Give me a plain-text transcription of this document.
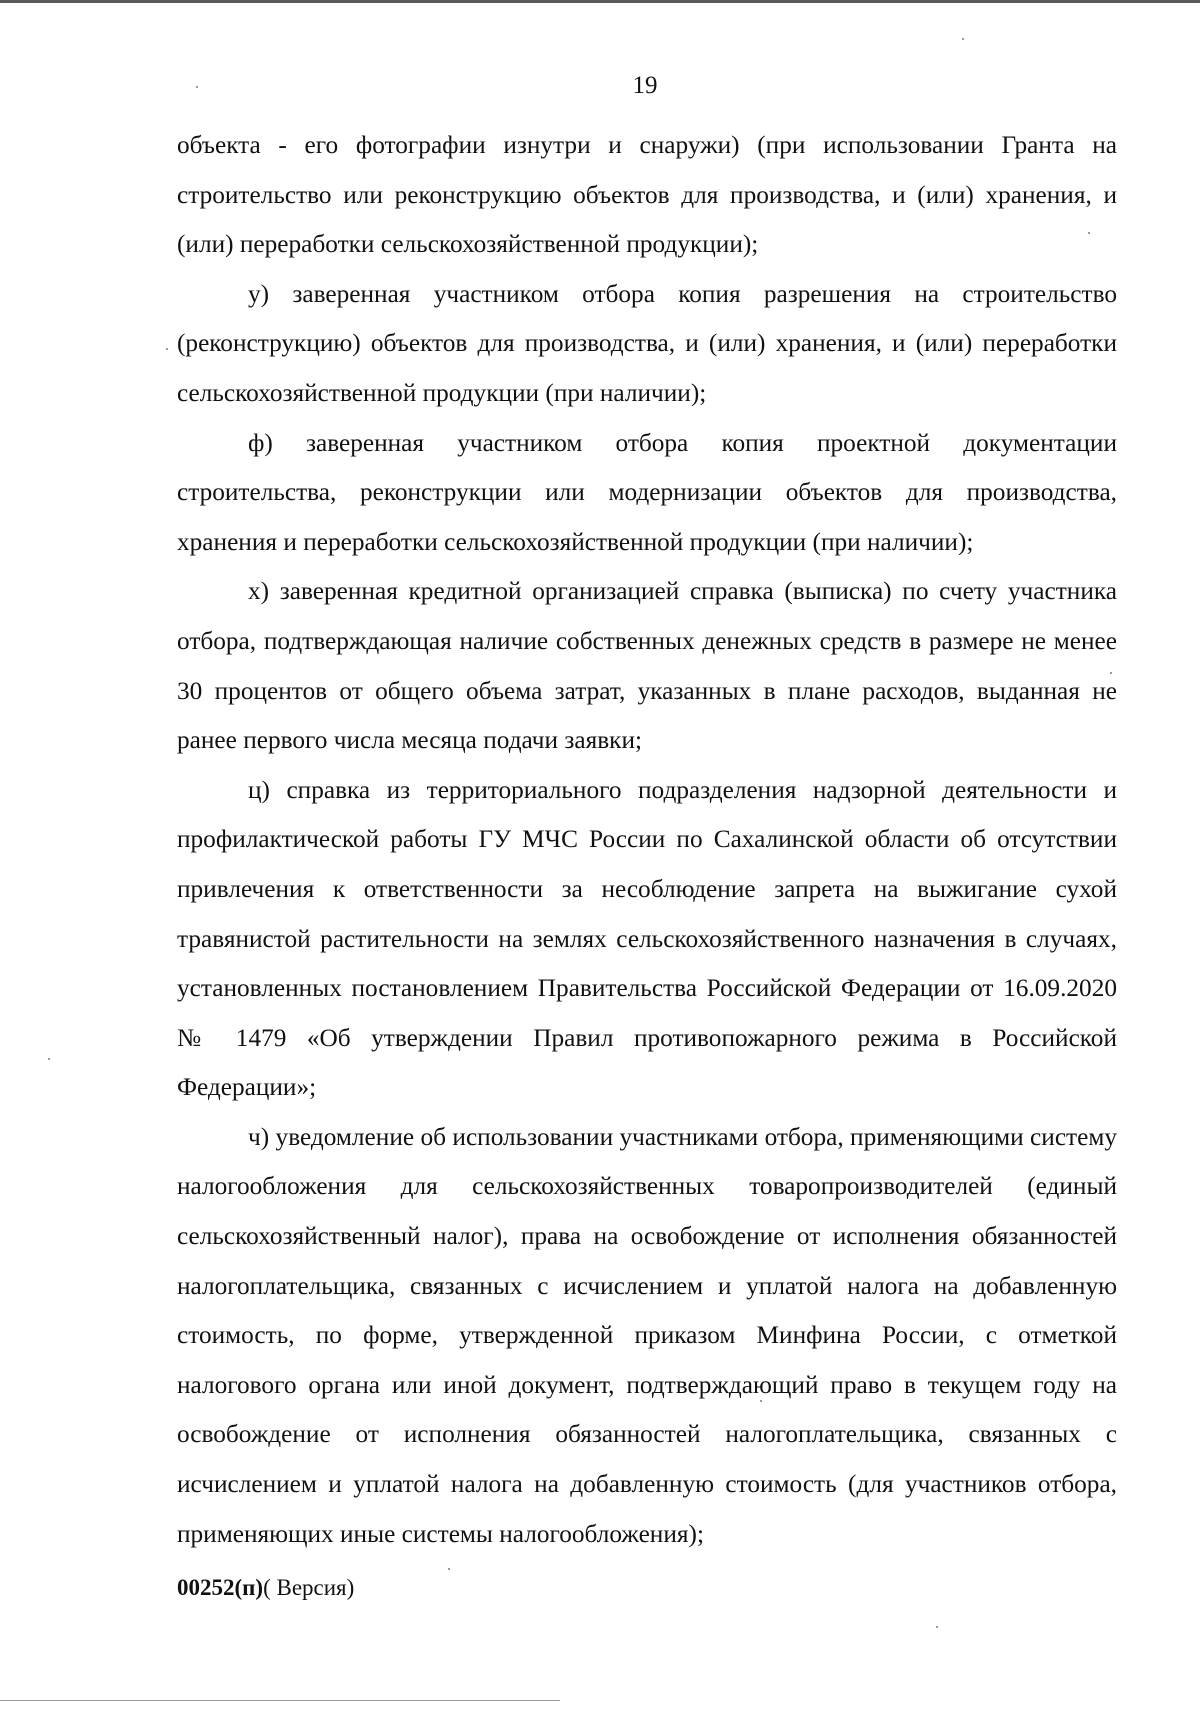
19

объекта - его фотографии изнутри и снаружи) (при использовании Гранта на строительство или реконструкцию объектов для производства, и (или) хранения, и (или) переработки сельскохозяйственной продукции);

у) заверенная участником отбора копия разрешения на строительство (реконструкцию) объектов для производства, и (или) хранения, и (или) переработки сельскохозяйственной продукции (при наличии);

ф) заверенная участником отбора копия проектной документации строительства, реконструкции или модернизации объектов для производства, хранения и переработки сельскохозяйственной продукции (при наличии);

х) заверенная кредитной организацией справка (выписка) по счету участника отбора, подтверждающая наличие собственных денежных средств в размере не менее 30 процентов от общего объема затрат, указанных в плане расходов, выданная не ранее первого числа месяца подачи заявки;

ц) справка из территориального подразделения надзорной деятельности и профилактической работы ГУ МЧС России по Сахалинской области об отсутствии привлечения к ответственности за несоблюдение запрета на выжигание сухой травянистой растительности на землях сельскохозяйственного назначения в случаях, установленных постановлением Правительства Российской Федерации от 16.09.2020 № 1479 «Об утверждении Правил противопожарного режима в Российской Федерации»;

ч) уведомление об использовании участниками отбора, применяющими систему налогообложения для сельскохозяйственных товаропроизводителей (единый сельскохозяйственный налог), права на освобождение от исполнения обязанностей налогоплательщика, связанных с исчислением и уплатой налога на добавленную стоимость, по форме, утвержденной приказом Минфина России, с отметкой налогового органа или иной документ, подтверждающий право в текущем году на освобождение от исполнения обязанностей налогоплательщика, связанных с исчислением и уплатой налога на добавленную стоимость (для участников отбора, применяющих иные системы налогообложения);

00252(п)( Версия)
